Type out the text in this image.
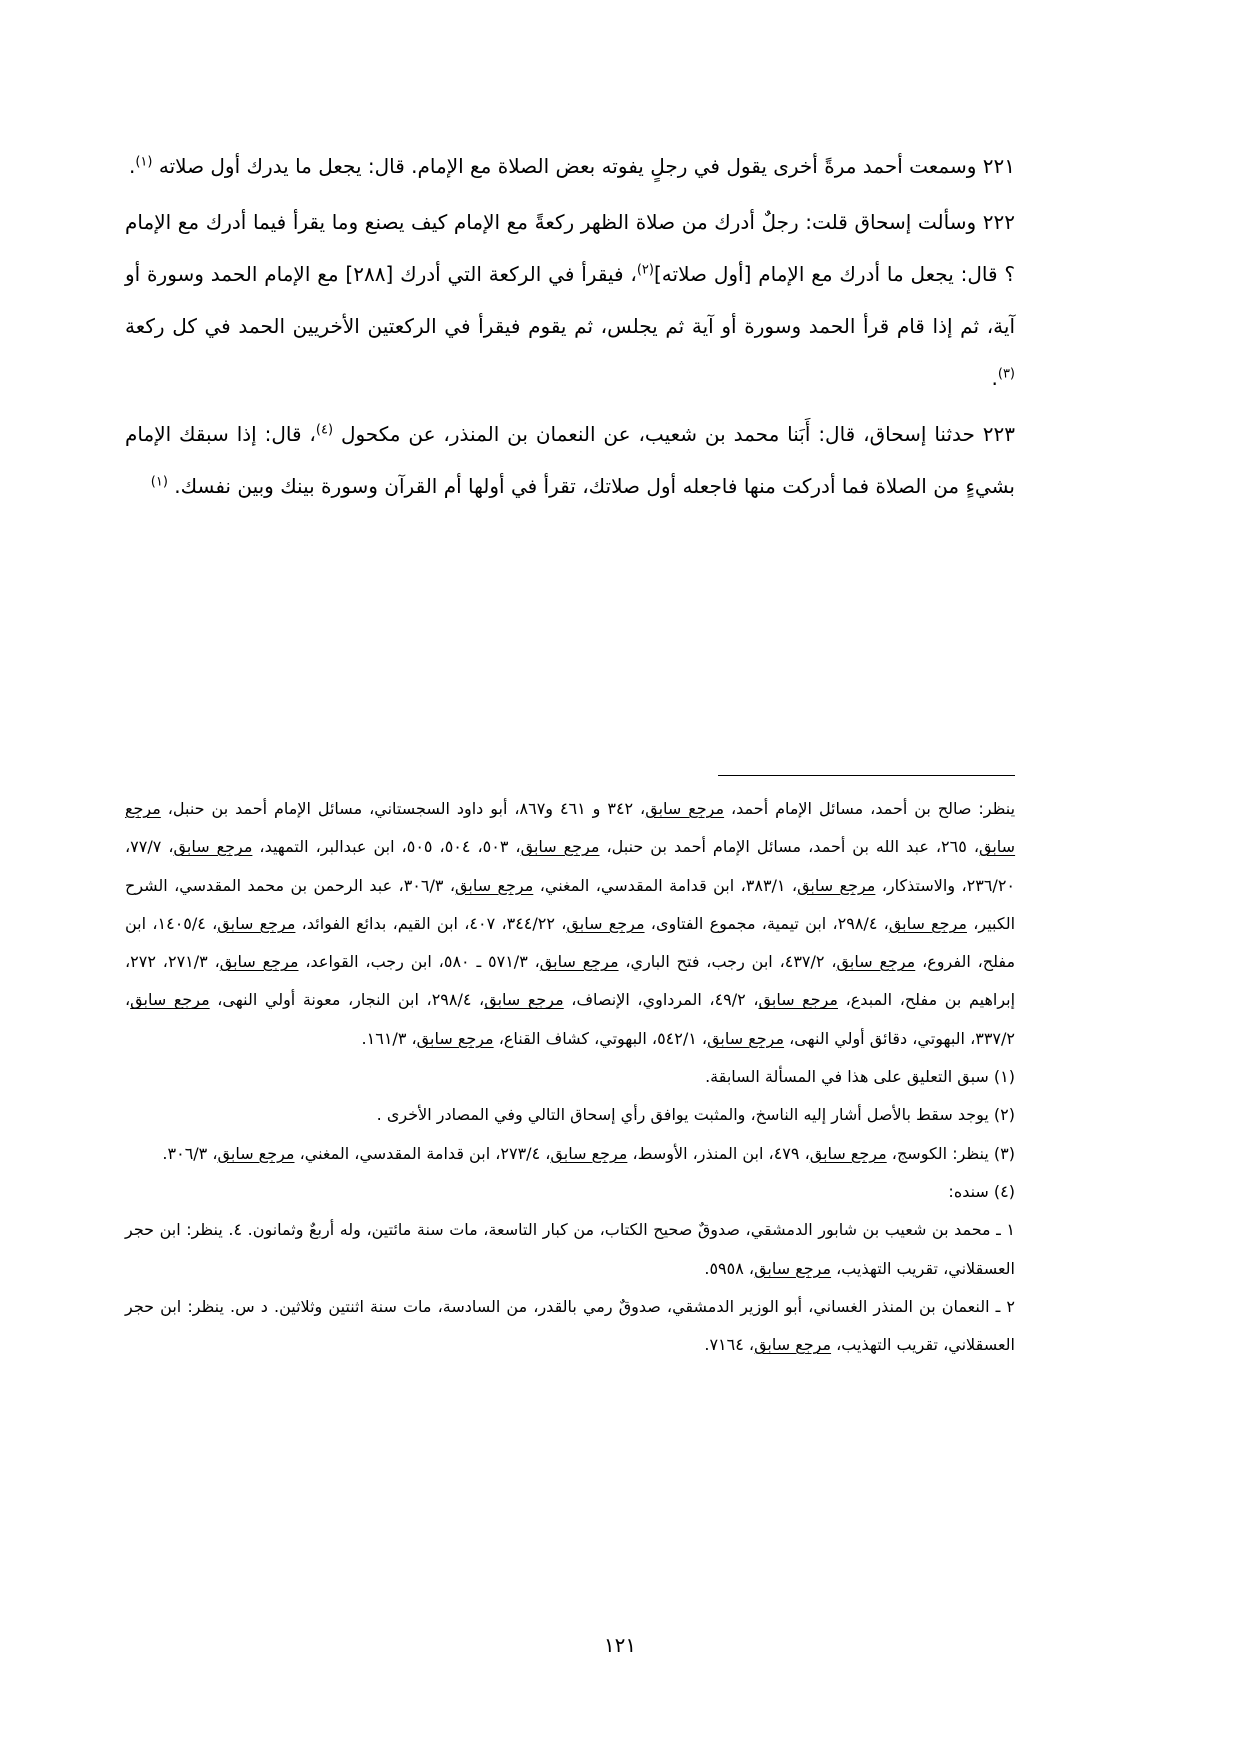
٢٢١ وسمعت أحمد مرةً أخرى يقول في رجلٍ يفوته بعض الصلاة مع الإمام. قال: يجعل ما يدرك أول صلاته $^{(١)}$.

٢٢٢ وسألت إسحاق قلت: رجلٌ أدرك من صلاة الظهر ركعةً مع الإمام كيف يصنع وما يقرأ فيما أدرك مع الإمام ؟ قال: يجعل ما أدرك مع الإمام [أول صلاته]$^{(٢)}$، فيقرأ في الركعة التي أدرك [٢٨٨] مع الإمام الحمد وسورة أو آية، ثم إذا قام قرأ الحمد وسورة أو آية ثم يجلس، ثم يقوم فيقرأ في الركعتين الأخريين الحمد في كل ركعة $^{(٣)}$.

٢٢٣ حدثنا إسحاق، قال: أَبَنا محمد بن شعيب، عن النعمان بن المنذر، عن مكحول $^{(٤)}$، قال: إذا سبقك الإمام بشيءٍ من الصلاة فما أدركت منها فاجعله أول صلاتك، تقرأ في أولها أم القرآن وسورة بينك وبين نفسك. $^{(١)}$

ينظر: صالح بن أحمد، مسائل الإمام أحمد، مرجع سابق، ٣٤٢ و ٤٦١ و٨٦٧، أبو داود السجستاني، مسائل الإمام أحمد بن حنبل، مرجع سابق، ٢٦٥، عبد الله بن أحمد، مسائل الإمام أحمد بن حنبل، مرجع سابق، ٥٠٣، ٥٠٤، ٥٠٥، ابن عبدالبر، التمهيد، مرجع سابق، ٧٧/٧، ٢٣٦/٢٠، والاستذكار، مرجع سابق، ٣٨٣/١، ابن قدامة المقدسي، المغني، مرجع سابق، ٣٠٦/٣، عبد الرحمن بن محمد المقدسي، الشرح الكبير، مرجع سابق، ٢٩٨/٤، ابن تيمية، مجموع الفتاوى، مرجع سابق، ٣٤٤/٢٢، ٤٠٧، ابن القيم، بدائع الفوائد، مرجع سابق، ١٤٠٥/٤، ابن مفلح، الفروع، مرجع سابق، ٤٣٧/٢، ابن رجب، فتح الباري، مرجع سابق، ٥٧١/٣ ـ ٥٨٠، ابن رجب، القواعد، مرجع سابق، ٢٧١/٣، ٢٧٢، إبراهيم بن مفلح، المبدع، مرجع سابق، ٤٩/٢، المرداوي، الإنصاف، مرجع سابق، ٢٩٨/٤، ابن النجار، معونة أولي النهى، مرجع سابق، ٣٣٧/٢، البهوتي، دقائق أولي النهى، مرجع سابق، ٥٤٢/١، البهوتي، كشاف القناع، مرجع سابق، ١٦١/٣.

(١) سبق التعليق على هذا في المسألة السابقة.

(٢) يوجد سقط بالأصل أشار إليه الناسخ، والمثبت يوافق رأي إسحاق التالي وفي المصادر الأخرى .

(٣) ينظر: الكوسج، مرجع سابق، ٤٧٩، ابن المنذر، الأوسط، مرجع سابق، ٢٧٣/٤، ابن قدامة المقدسي، المغني، مرجع سابق، ٣٠٦/٣.

(٤) سنده:

١ ـ محمد بن شعيب بن شابور الدمشقي، صدوقٌ صحيح الكتاب، من كبار التاسعة، مات سنة مائتين، وله أربعٌ وثمانون. ٤. ينظر: ابن حجر العسقلاني، تقريب التهذيب، مرجع سابق، ٥٩٥٨.

٢ ـ النعمان بن المنذر الغساني، أبو الوزير الدمشقي، صدوقٌ رمي بالقدر، من السادسة، مات سنة اثنتين وثلاثين. د س. ينظر: ابن حجر العسقلاني، تقريب التهذيب، مرجع سابق، ٧١٦٤.

١٢١
